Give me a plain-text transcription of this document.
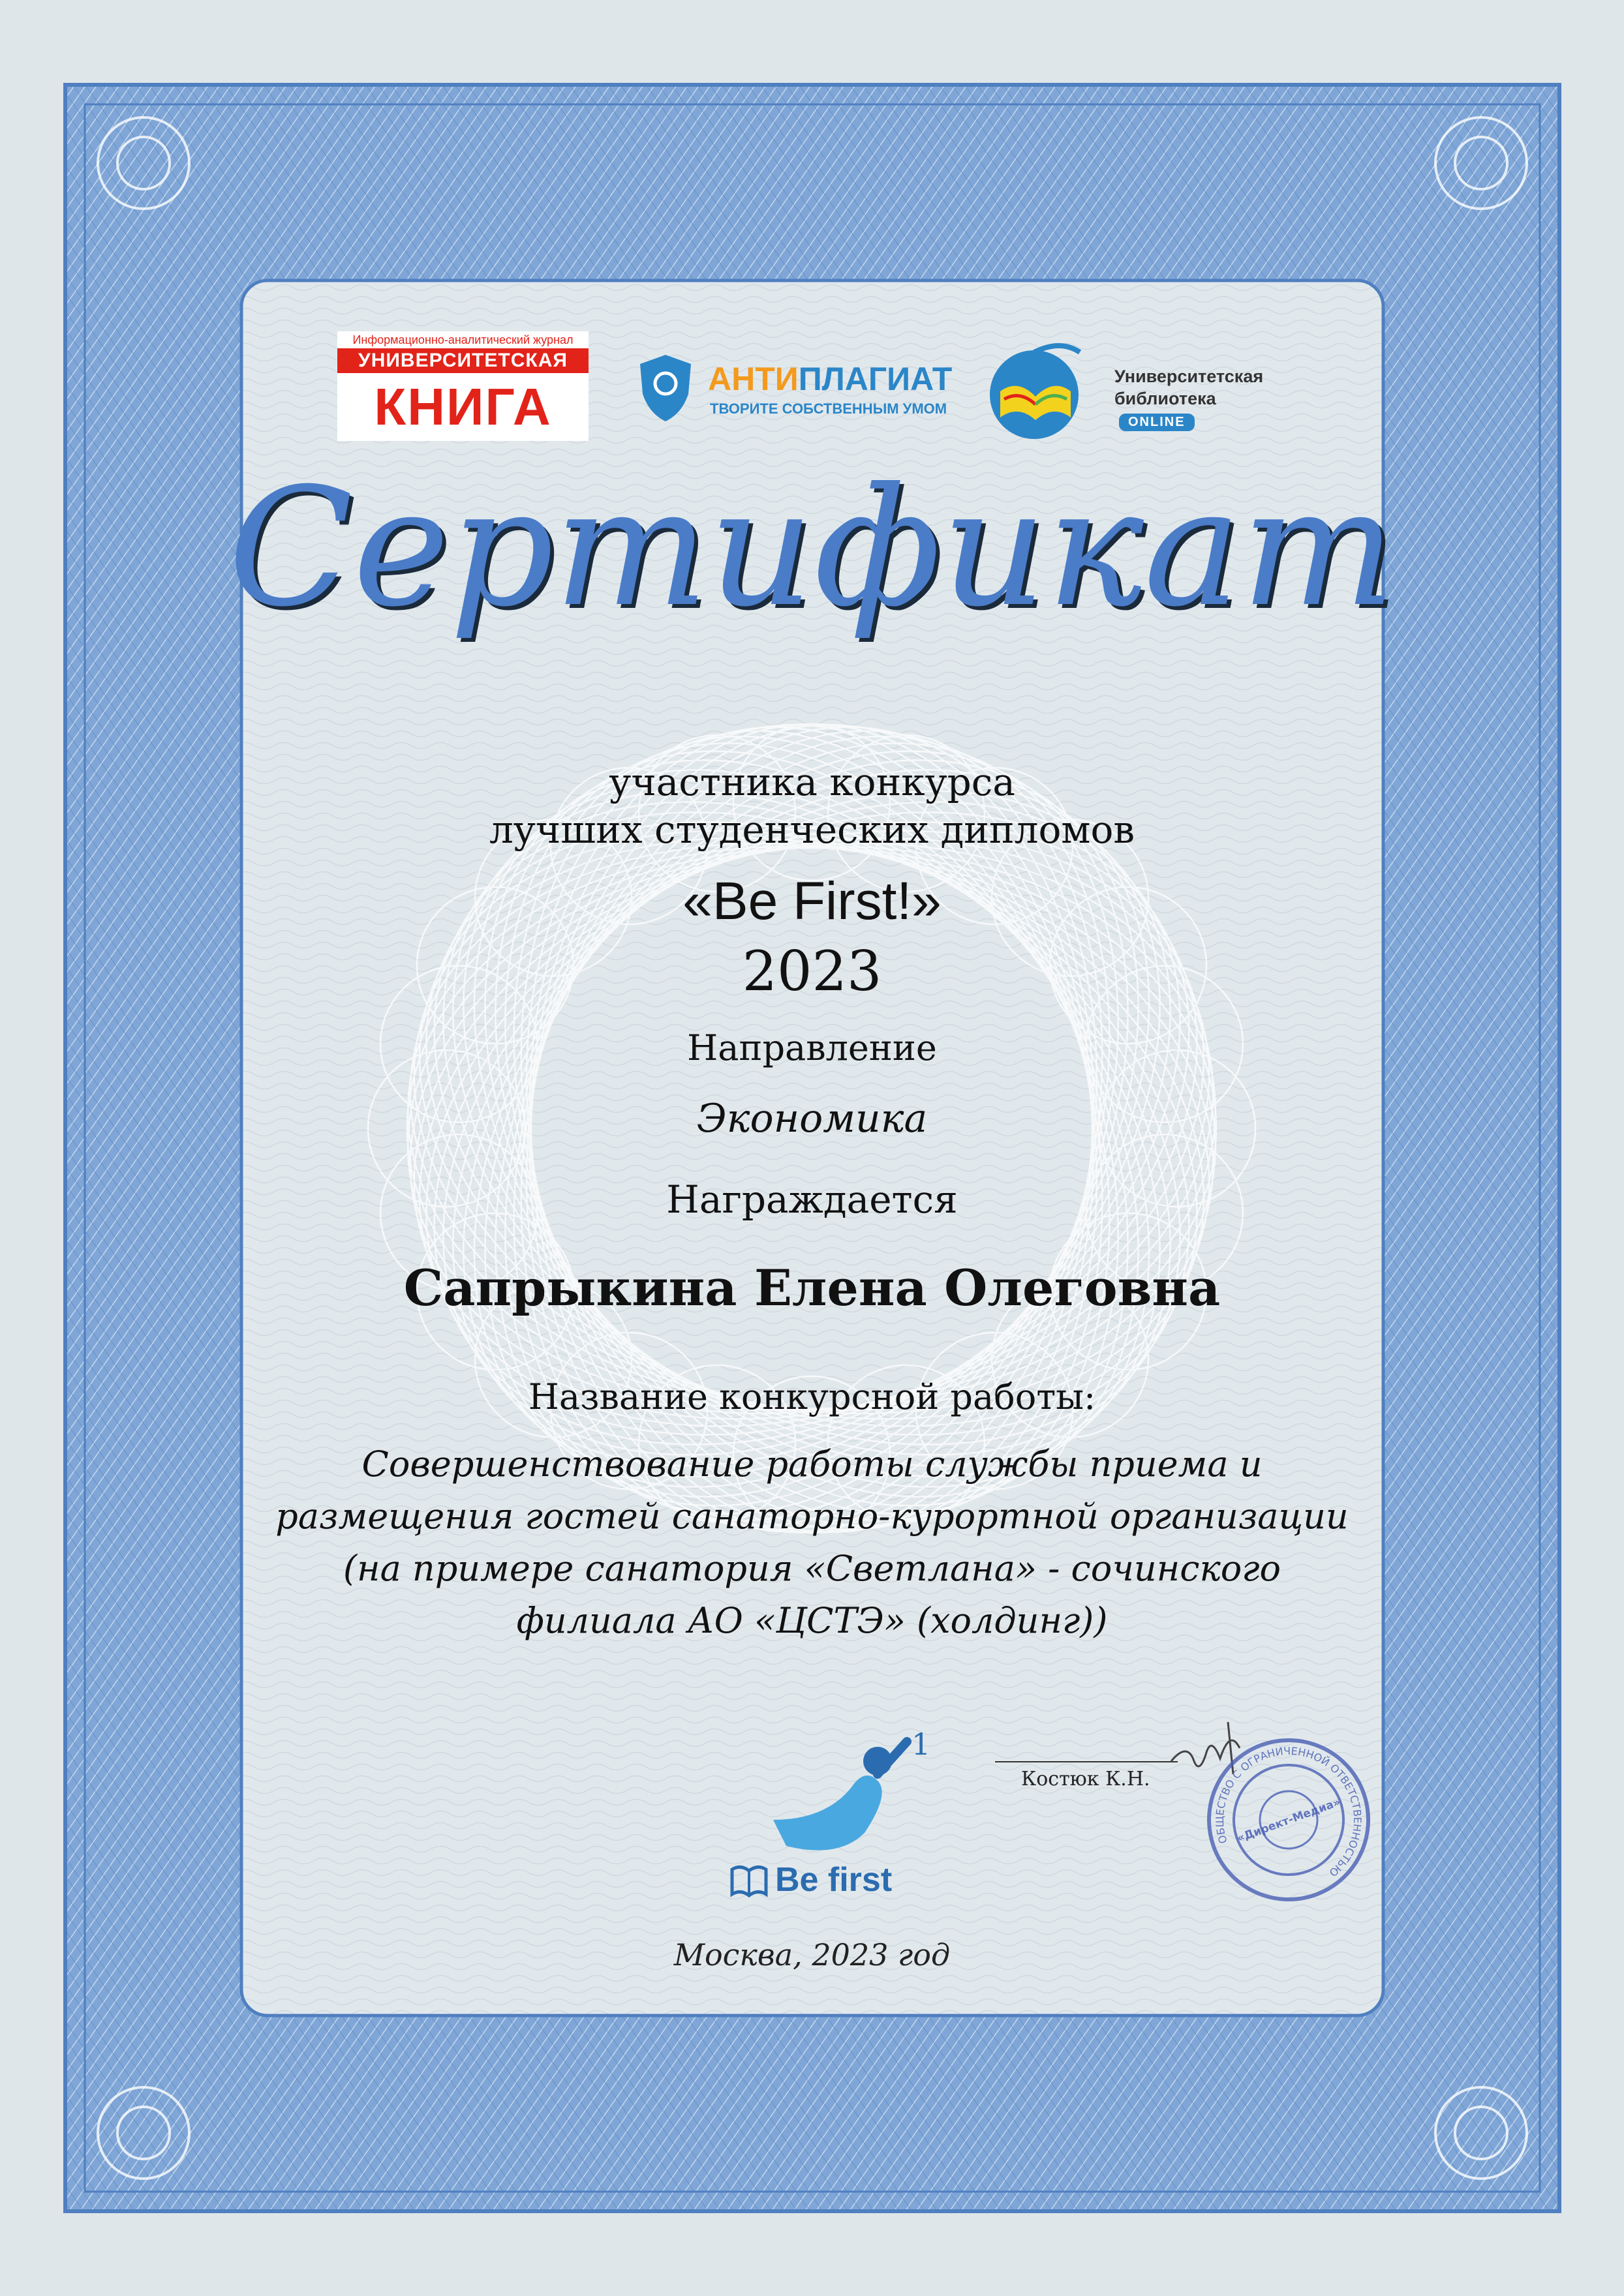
Информационно-аналитический журнал
УНИВЕРСИТЕТСКАЯ
КНИГА	АНТИПЛАГИАТ
ТВОРИТЕ СОБСТВЕННЫМ УМОМ
Университетская
библиотека
ONLINE
Сертификат
участника конкурса
лучших студенческих дипломов
«Be First!»
2023
Направление
Экономика
Награждается
Сапрыкина Елена Олеговна
Название конкурсной работы:
Совершенствование работы службы приема и
размещения гостей санаторно-курортной организации
(на примере санатория «Светлана» - сочинского
филиала АО «ЦСТЭ» (холдинг))
Костюк К.Н.
ОБЩЕСТВО С ОГРАНИЧЕННОЙ ОТВЕТСТВЕННОСТЬЮ
«Директ-Медиа»
1
Be first
Москва, 2023 год
